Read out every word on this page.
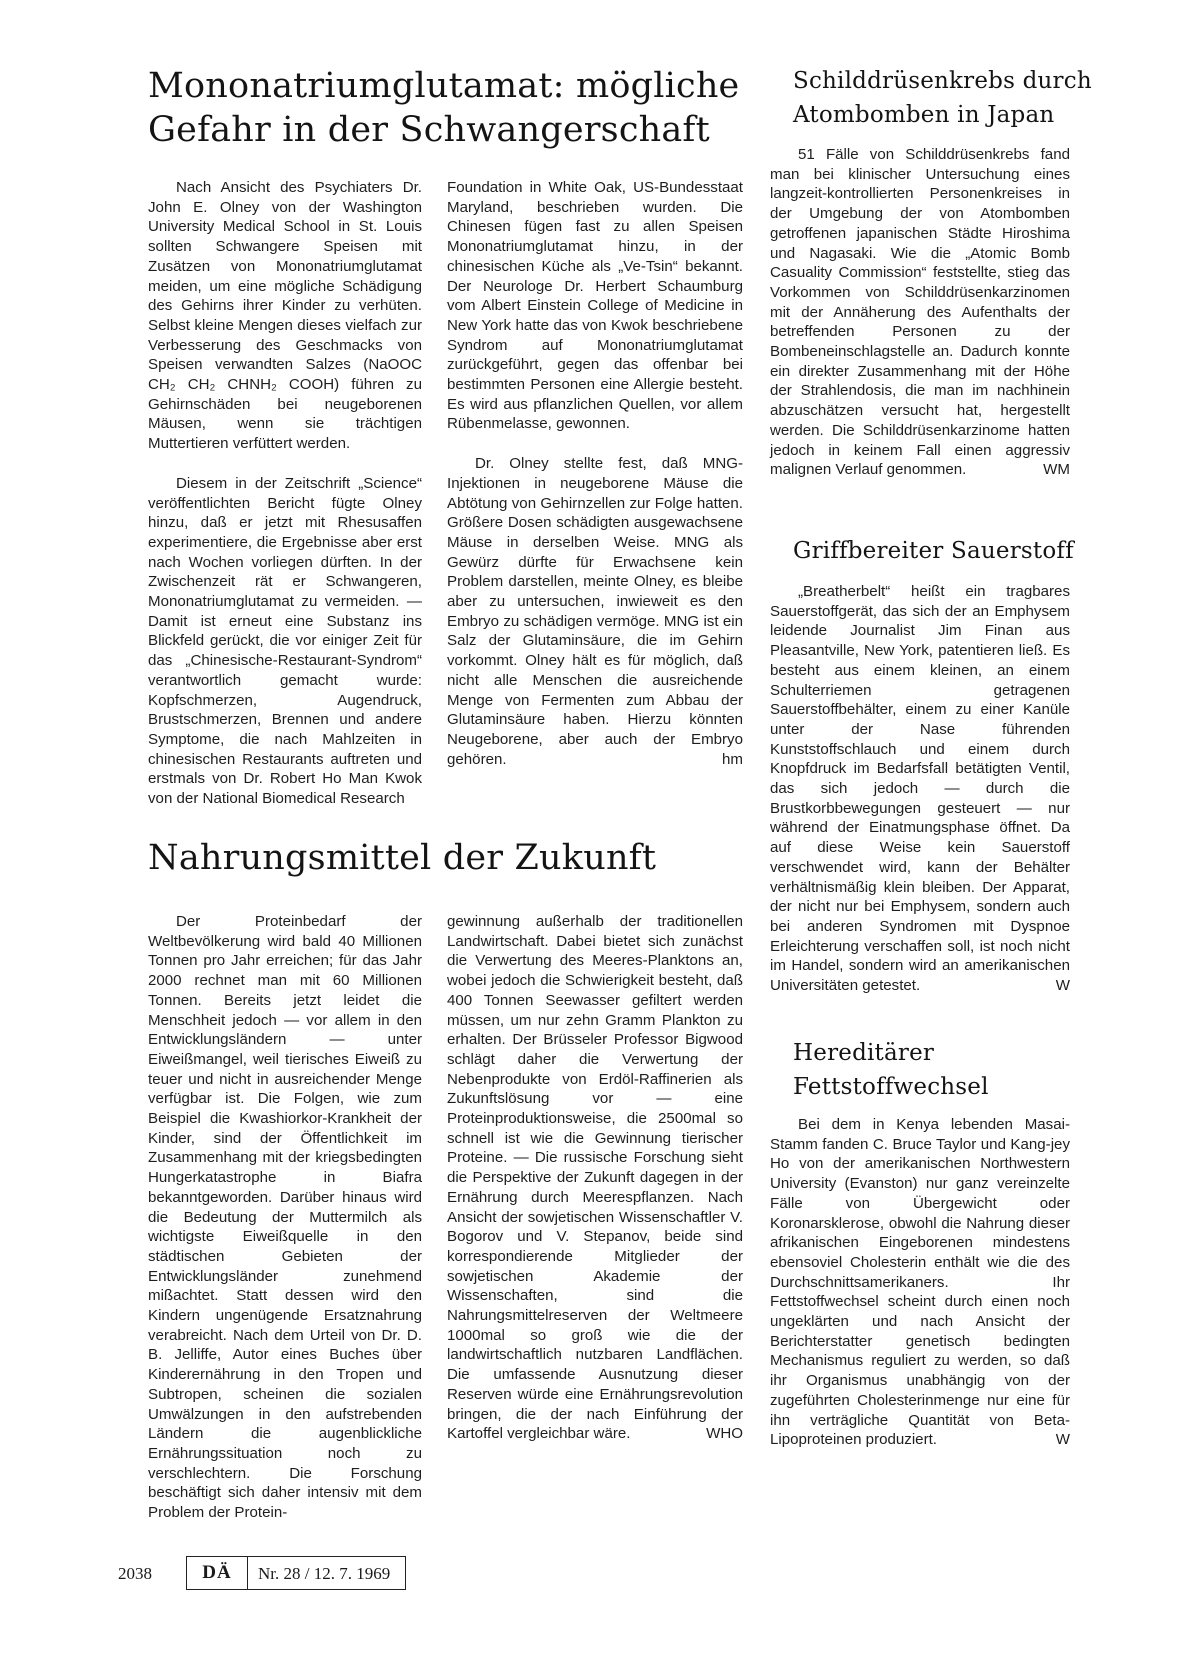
Mononatriumglutamat: mögliche
Gefahr in der Schwangerschaft

Nach Ansicht des Psychiaters Dr. John E. Olney von der Washington University Medical School in St. Louis sollten Schwangere Speisen mit Zusätzen von Mononatriumglutamat meiden, um eine mögliche Schädigung des Gehirns ihrer Kinder zu verhüten. Selbst kleine Mengen dieses vielfach zur Verbesserung des Geschmacks von Speisen verwandten Salzes (NaOOC CH₂ CH₂ CHNH₂ COOH) führen zu Gehirnschäden bei neugeborenen Mäusen, wenn sie trächtigen Muttertieren verfüttert werden.

Diesem in der Zeitschrift „Science“ veröffentlichten Bericht fügte Olney hinzu, daß er jetzt mit Rhesusaffen experimentiere, die Ergebnisse aber erst nach Wochen vorliegen dürften. In der Zwischenzeit rät er Schwangeren, Mononatriumglutamat zu vermeiden. — Damit ist erneut eine Substanz ins Blickfeld gerückt, die vor einiger Zeit für das „Chinesische-Restaurant-Syndrom“ verantwortlich gemacht wurde: Kopfschmerzen, Augendruck, Brustschmerzen, Brennen und andere Symptome, die nach Mahlzeiten in chinesischen Restaurants auftreten und erstmals von Dr. Robert Ho Man Kwok von der National Biomedical Research

Foundation in White Oak, US-Bundesstaat Maryland, beschrieben wurden. Die Chinesen fügen fast zu allen Speisen Mononatriumglutamat hinzu, in der chinesischen Küche als „Ve-Tsin“ bekannt. Der Neurologe Dr. Herbert Schaumburg vom Albert Einstein College of Medicine in New York hatte das von Kwok beschriebene Syndrom auf Mononatriumglutamat zurückgeführt, gegen das offenbar bei bestimmten Personen eine Allergie besteht. Es wird aus pflanzlichen Quellen, vor allem Rübenmelasse, gewonnen.

Dr. Olney stellte fest, daß MNG-Injektionen in neugeborene Mäuse die Abtötung von Gehirnzellen zur Folge hatten. Größere Dosen schädigten ausgewachsene Mäuse in derselben Weise. MNG als Gewürz dürfte für Erwachsene kein Problem darstellen, meinte Olney, es bleibe aber zu untersuchen, inwieweit es den Embryo zu schädigen vermöge. MNG ist ein Salz der Glutaminsäure, die im Gehirn vorkommt. Olney hält es für möglich, daß nicht alle Menschen die ausreichende Menge von Fermenten zum Abbau der Glutaminsäure haben. Hierzu könnten Neugeborene, aber auch der Embryo gehören.	hm

Nahrungsmittel der Zukunft

Der Proteinbedarf der Weltbevölkerung wird bald 40 Millionen Tonnen pro Jahr erreichen; für das Jahr 2000 rechnet man mit 60 Millionen Tonnen. Bereits jetzt leidet die Menschheit jedoch — vor allem in den Entwicklungsländern — unter Eiweißmangel, weil tierisches Eiweiß zu teuer und nicht in ausreichender Menge verfügbar ist. Die Folgen, wie zum Beispiel die Kwashiorkor-Krankheit der Kinder, sind der Öffentlichkeit im Zusammenhang mit der kriegsbedingten Hungerkatastrophe in Biafra bekanntgeworden. Darüber hinaus wird die Bedeutung der Muttermilch als wichtigste Eiweißquelle in den städtischen Gebieten der Entwicklungsländer zunehmend mißachtet. Statt dessen wird den Kindern ungenügende Ersatznahrung verabreicht. Nach dem Urteil von Dr. D. B. Jelliffe, Autor eines Buches über Kinderernährung in den Tropen und Subtropen, scheinen die sozialen Umwälzungen in den aufstrebenden Ländern die augenblickliche Ernährungssituation noch zu verschlechtern. Die Forschung beschäftigt sich daher intensiv mit dem Problem der Protein-

gewinnung außerhalb der traditionellen Landwirtschaft. Dabei bietet sich zunächst die Verwertung des Meeres-Planktons an, wobei jedoch die Schwierigkeit besteht, daß 400 Tonnen Seewasser gefiltert werden müssen, um nur zehn Gramm Plankton zu erhalten. Der Brüsseler Professor Bigwood schlägt daher die Verwertung der Nebenprodukte von Erdöl-Raffinerien als Zukunftslösung vor — eine Proteinproduktionsweise, die 2500mal so schnell ist wie die Gewinnung tierischer Proteine. — Die russische Forschung sieht die Perspektive der Zukunft dagegen in der Ernährung durch Meerespflanzen. Nach Ansicht der sowjetischen Wissenschaftler V. Bogorov und V. Stepanov, beide sind korrespondierende Mitglieder der sowjetischen Akademie der Wissenschaften, sind die Nahrungsmittelreserven der Weltmeere 1000mal so groß wie die der landwirtschaftlich nutzbaren Landflächen. Die umfassende Ausnutzung dieser Reserven würde eine Ernährungsrevolution bringen, die der nach Einführung der Kartoffel vergleichbar wäre.	WHO

Schilddrüsenkrebs durch
Atombomben in Japan

51 Fälle von Schilddrüsenkrebs fand man bei klinischer Untersuchung eines langzeit-kontrollierten Personenkreises in der Umgebung der von Atombomben getroffenen japanischen Städte Hiroshima und Nagasaki. Wie die „Atomic Bomb Casuality Commission“ feststellte, stieg das Vorkommen von Schilddrüsenkarzinomen mit der Annäherung des Aufenthalts der betreffenden Personen zu der Bombeneinschlagstelle an. Dadurch konnte ein direkter Zusammenhang mit der Höhe der Strahlendosis, die man im nachhinein abzuschätzen versucht hat, hergestellt werden. Die Schilddrüsenkarzinome hatten jedoch in keinem Fall einen aggressiv malignen Verlauf genommen.	WM

Griffbereiter Sauerstoff

„Breatherbelt“ heißt ein tragbares Sauerstoffgerät, das sich der an Emphysem leidende Journalist Jim Finan aus Pleasantville, New York, patentieren ließ. Es besteht aus einem kleinen, an einem Schulterriemen getragenen Sauerstoffbehälter, einem zu einer Kanüle unter der Nase führenden Kunststoffschlauch und einem durch Knopfdruck im Bedarfsfall betätigten Ventil, das sich jedoch — durch die Brustkorbbewegungen gesteuert — nur während der Einatmungsphase öffnet. Da auf diese Weise kein Sauerstoff verschwendet wird, kann der Behälter verhältnismäßig klein bleiben. Der Apparat, der nicht nur bei Emphysem, sondern auch bei anderen Syndromen mit Dyspnoe Erleichterung verschaffen soll, ist noch nicht im Handel, sondern wird an amerikanischen Universitäten getestet.	W

Hereditärer
Fettstoffwechsel

Bei dem in Kenya lebenden Masai-Stamm fanden C. Bruce Taylor und Kang-jey Ho von der amerikanischen Northwestern University (Evanston) nur ganz vereinzelte Fälle von Übergewicht oder Koronarsklerose, obwohl die Nahrung dieser afrikanischen Eingeborenen mindestens ebensoviel Cholesterin enthält wie die des Durchschnittsamerikaners. Ihr Fettstoffwechsel scheint durch einen noch ungeklärten und nach Ansicht der Berichterstatter genetisch bedingten Mechanismus reguliert zu werden, so daß ihr Organismus unabhängig von der zugeführten Cholesterinmenge nur eine für ihn verträgliche Quantität von Beta-Lipoproteinen produziert.	W

2038	DÄ	Nr. 28 / 12. 7. 1969
